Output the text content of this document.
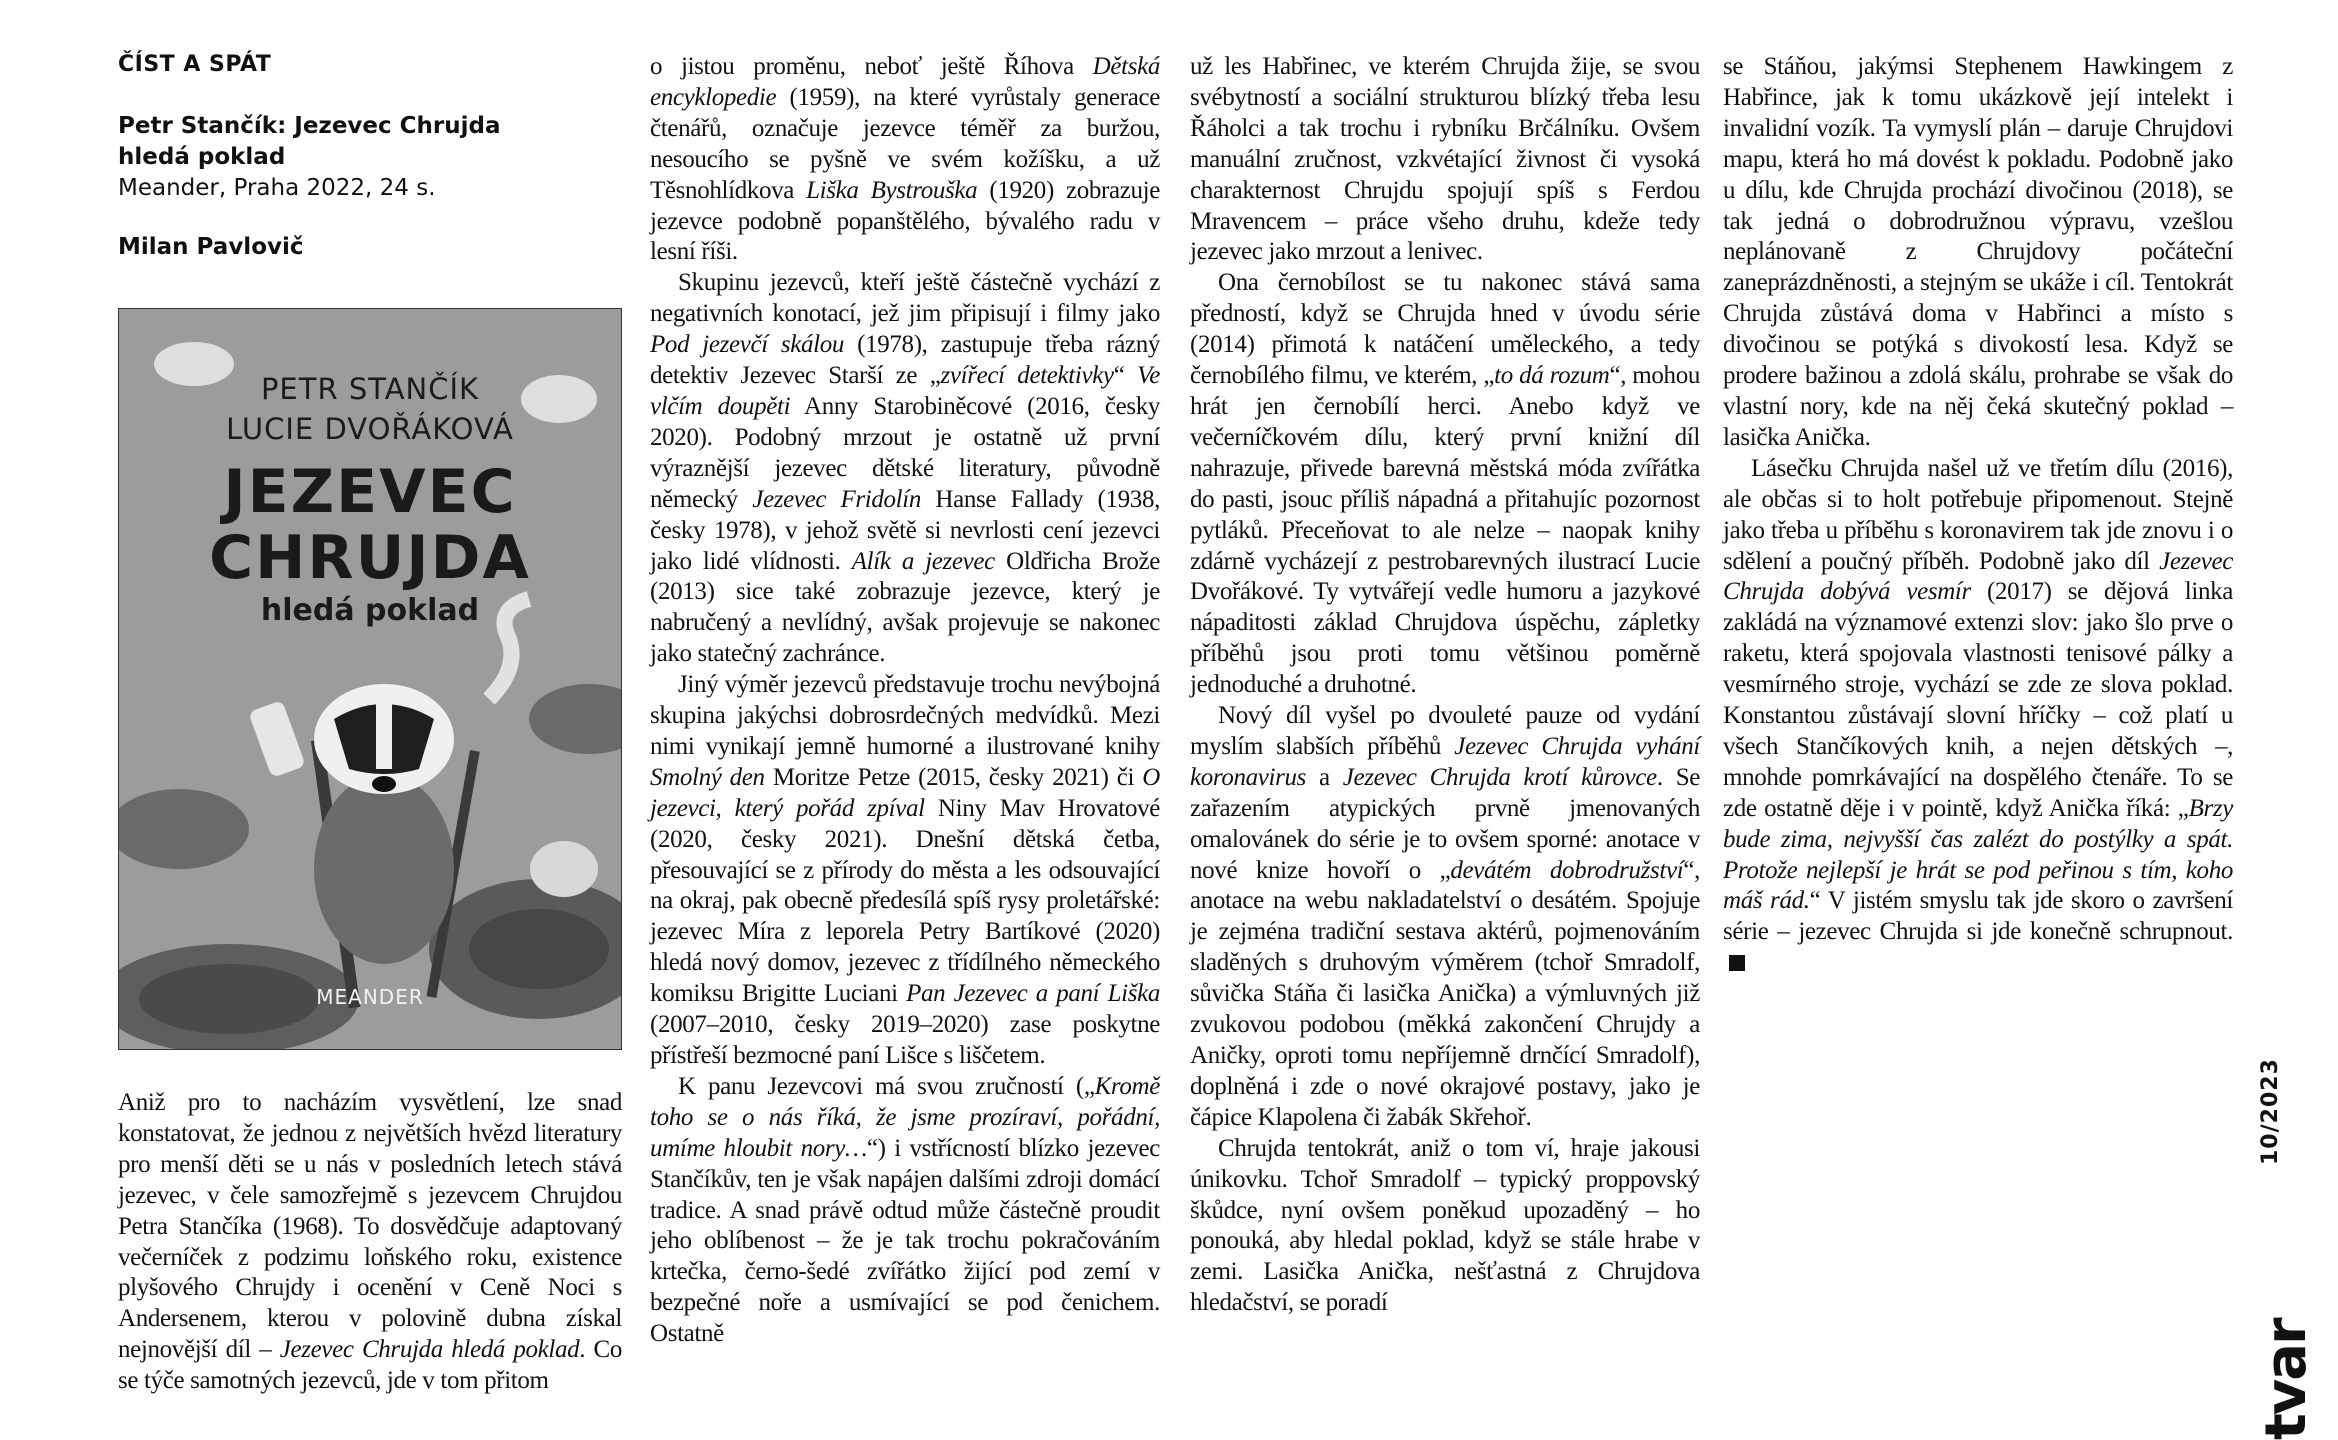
ČÍST A SPÁT
Petr Stančík: Jezevec Chrujda
hledá poklad
Meander, Praha 2022, 24 s.
Milan Pavlovič
PETR STANČÍK
LUCIE DVOŘÁKOVÁ
JEZEVEC
CHRUJDA
hledá poklad
MEANDER

Aniž pro to nacházím vysvětlení, lze snad konstatovat, že jednou z největších hvězd literatury pro menší děti se u nás v posledních letech stává jezevec, v čele samozřejmě s jezevcem Chrujdou Petra Stančíka (1968). To dosvědčuje adaptovaný večerníček z podzimu loňského roku, existence plyšového Chrujdy i ocenění v Ceně Noci s Andersenem, kterou v polovině dubna získal nejnovější díl – Jezevec Chrujda hledá poklad. Co se týče samotných jezevců, jde v tom přitom

o jistou proměnu, neboť ještě Říhova Dětská encyklopedie (1959), na které vyrůstaly generace čtenářů, označuje jezevce téměř za buržou, nesoucího se pyšně ve svém kožíšku, a už Těsnohlídkova Liška Bystrouška (1920) zobrazuje jezevce podobně popanštělého, bývalého radu v lesní říši.

Skupinu jezevců, kteří ještě částečně vychází z negativních konotací, jež jim připisují i filmy jako Pod jezevčí skálou (1978), zastupuje třeba rázný detektiv Jezevec Starší ze „zvířecí detektivky“ Ve vlčím doupěti Anny Starobiněcové (2016, česky 2020). Podobný mrzout je ostatně už první výraznější jezevec dětské literatury, původně německý Jezevec Fridolín Hanse Fallady (1938, česky 1978), v jehož světě si nevrlosti cení jezevci jako lidé vlídnosti. Alík a jezevec Oldřicha Brože (2013) sice také zobrazuje jezevce, který je nabručený a nevlídný, avšak projevuje se nakonec jako statečný zachránce.

Jiný výměr jezevců představuje trochu nevýbojná skupina jakýchsi dobrosrdečných medvídků. Mezi nimi vynikají jemně humorné a ilustrované knihy Smolný den Moritze Petze (2015, česky 2021) či O jezevci, který pořád zpíval Niny Mav Hrovatové (2020, česky 2021). Dnešní dětská četba, přesouvající se z přírody do města a les odsouvající na okraj, pak obecně předesílá spíš rysy proletářské: jezevec Míra z leporela Petry Bartíkové (2020) hledá nový domov, jezevec z třídílného německého komiksu Brigitte Luciani Pan Jezevec a paní Liška (2007–2010, česky 2019–2020) zase poskytne přístřeší bezmocné paní Lišce s liščetem.

K panu Jezevcovi má svou zručností („Kromě toho se o nás říká, že jsme prozíraví, pořádní, umíme hloubit nory…“) i vstřícností blízko jezevec Stančíkův, ten je však napájen dalšími zdroji domácí tradice. A snad právě odtud může částečně proudit jeho oblíbenost – že je tak trochu pokračováním krtečka, černo-šedé zvířátko žijící pod zemí v bezpečné noře a usmívající se pod čenichem. Ostatně

už les Habřinec, ve kterém Chrujda žije, se svou svébytností a sociální strukturou blízký třeba lesu Řáholci a tak trochu i rybníku Brčálníku. Ovšem manuální zručnost, vzkvétající živnost či vysoká charakternost Chrujdu spojují spíš s Ferdou Mravencem – práce všeho druhu, kdeže tedy jezevec jako mrzout a lenivec.

Ona černobílost se tu nakonec stává sama předností, když se Chrujda hned v úvodu série (2014) přimotá k natáčení uměleckého, a tedy černobílého filmu, ve kterém, „to dá rozum“, mohou hrát jen černobílí herci. Anebo když ve večerníčkovém dílu, který první knižní díl nahrazuje, přivede barevná městská móda zvířátka do pasti, jsouc příliš nápadná a přitahujíc pozornost pytláků. Přeceňovat to ale nelze – naopak knihy zdárně vycházejí z pestrobarevných ilustrací Lucie Dvořákové. Ty vytvářejí vedle humoru a jazykové nápaditosti základ Chrujdova úspěchu, zápletky příběhů jsou proti tomu většinou poměrně jednoduché a druhotné.

Nový díl vyšel po dvouleté pauze od vydání myslím slabších příběhů Jezevec Chrujda vyhání koronavirus a Jezevec Chrujda krotí kůrovce. Se zařazením atypických prvně jmenovaných omalovánek do série je to ovšem sporné: anotace v nové knize hovoří o „devátém dobrodružství“, anotace na webu nakladatelství o desátém. Spojuje je zejména tradiční sestava aktérů, pojmenováním sladěných s druhovým výměrem (tchoř Smradolf, sůvička Stáňa či lasička Anička) a výmluvných již zvukovou podobou (měkká zakončení Chrujdy a Aničky, oproti tomu nepříjemně drnčící Smradolf), doplněná i zde o nové okrajové postavy, jako je čápice Klapolena či žabák Skřehoř.

Chrujda tentokrát, aniž o tom ví, hraje jakousi únikovku. Tchoř Smradolf – typický proppovský škůdce, nyní ovšem poněkud upozaděný – ho ponouká, aby hledal poklad, když se stále hrabe v zemi. Lasička Anička, nešťastná z Chrujdova hledačství, se poradí

se Stáňou, jakýmsi Stephenem Hawkingem z Habřince, jak k tomu ukázkově její intelekt i invalidní vozík. Ta vymyslí plán – daruje Chrujdovi mapu, která ho má dovést k pokladu. Podobně jako u dílu, kde Chrujda prochází divočinou (2018), se tak jedná o dobrodružnou výpravu, vzešlou neplánovaně z Chrujdovy počáteční zaneprázdněnosti, a stejným se ukáže i cíl. Tentokrát Chrujda zůstává doma v Habřinci a místo s divočinou se potýká s divokostí lesa. Když se prodere bažinou a zdolá skálu, prohrabe se však do vlastní nory, kde na něj čeká skutečný poklad – lasička Anička.

Lásečku Chrujda našel už ve třetím dílu (2016), ale občas si to holt potřebuje připomenout. Stejně jako třeba u příběhu s koronavirem tak jde znovu i o sdělení a poučný příběh. Podobně jako díl Jezevec Chrujda dobývá vesmír (2017) se dějová linka zakládá na významové extenzi slov: jako šlo prve o raketu, která spojovala vlastnosti tenisové pálky a vesmírného stroje, vychází se zde ze slova poklad. Konstantou zůstávají slovní hříčky – což platí u všech Stančíkových knih, a nejen dětských –, mnohde pomrkávající na dospělého čtenáře. To se zde ostatně děje i v pointě, když Anička říká: „Brzy bude zima, nejvyšší čas zalézt do postýlky a spát. Protože nejlepší je hrát se pod peřinou s tím, koho máš rád.“ V jistém smyslu tak jde skoro o završení série – jezevec Chrujda si jde konečně schrupnout.

10/2023
tvar
